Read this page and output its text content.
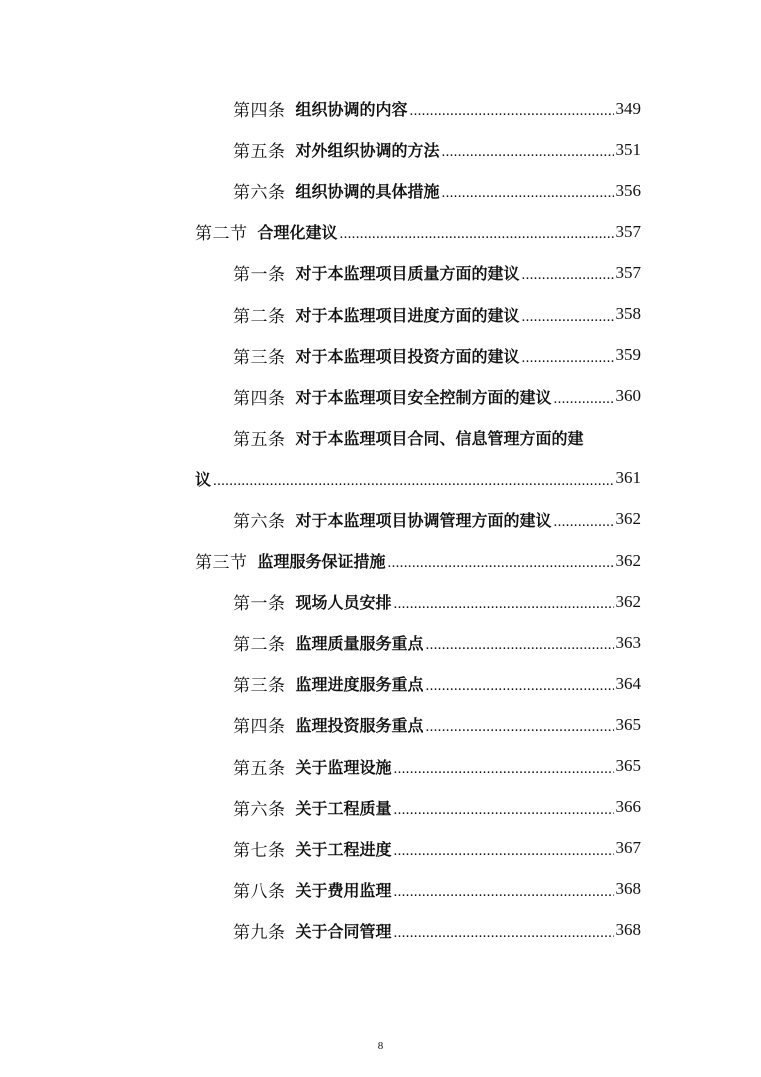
第四条 组织协调的内容 .....	349
第五条 对外组织协调的方法 .....	351
第六条 组织协调的具体措施 .....	356
第二节 合理化建议 .....	357
第一条 对于本监理项目质量方面的建议 .....	357
第二条 对于本监理项目进度方面的建议 .....	358
第三条 对于本监理项目投资方面的建议 .....	359
第四条 对于本监理项目安全控制方面的建议 .....	360
第五条 对于本监理项目合同、信息管理方面的建
议 .....	361
第六条 对于本监理项目协调管理方面的建议 .....	362
第三节 监理服务保证措施 .....	362
第一条 现场人员安排 .....	362
第二条 监理质量服务重点 .....	363
第三条 监理进度服务重点 .....	364
第四条 监理投资服务重点 .....	365
第五条 关于监理设施 .....	365
第六条 关于工程质量 .....	366
第七条 关于工程进度 .....	367
第八条 关于费用监理 .....	368
第九条 关于合同管理 .....	368
8
